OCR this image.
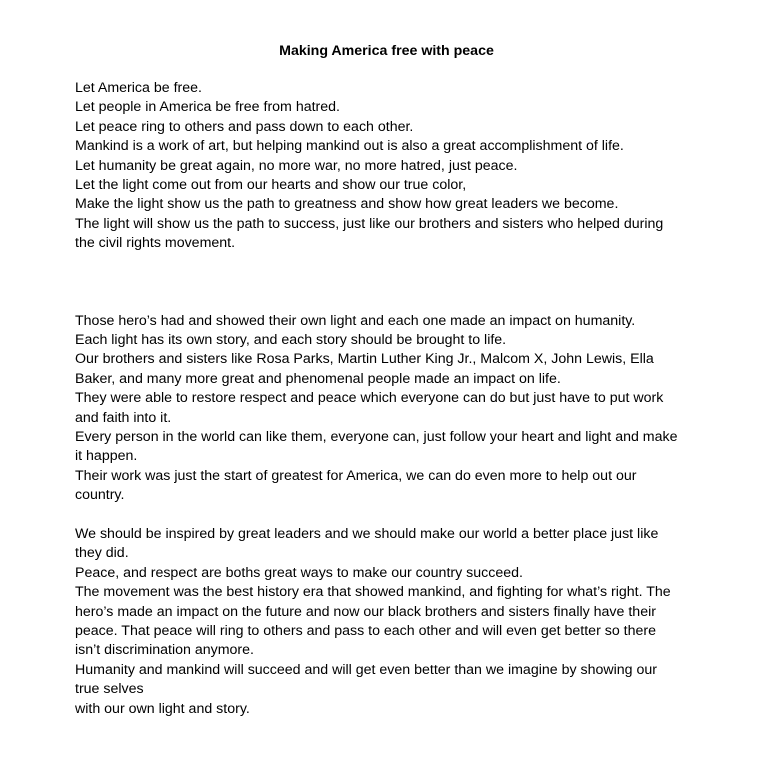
Making America free with peace
Let America be free.
Let people in America be free from hatred.
Let peace ring to others and pass down to each other.
Mankind is a work of art, but helping mankind out is also a great accomplishment of life.
Let humanity be great again, no more war, no more hatred, just peace.
Let the light come out from our hearts and show our true color,
Make the light show us the path to greatness and show how great leaders we become.
The light will show us the path to success, just like our brothers and sisters who helped during
the civil rights movement.
Those hero’s had and showed their own light and each one made an impact on humanity.
Each light has its own story, and each story should be brought to life.
Our brothers and sisters like Rosa Parks, Martin Luther King Jr., Malcom X, John Lewis, Ella
Baker, and many more great and phenomenal people made an impact on life.
They were able to restore respect and peace which everyone can do but just have to put work
and faith into it.
Every person in the world can like them, everyone can, just follow your heart and light and make
it happen.
Their work was just the start of greatest for America, we can do even more to help out our
country.
We should be inspired by great leaders and we should make our world a better place just like
they did.
Peace, and respect are boths great ways to make our country succeed.
The movement was the best history era that showed mankind, and fighting for what’s right. The
hero’s made an impact on the future and now our black brothers and sisters finally have their
peace. That peace will ring to others and pass to each other and will even get better so there
isn’t discrimination anymore.
Humanity and mankind will succeed and will get even better than we imagine by showing our
true selves
with our own light and story.
